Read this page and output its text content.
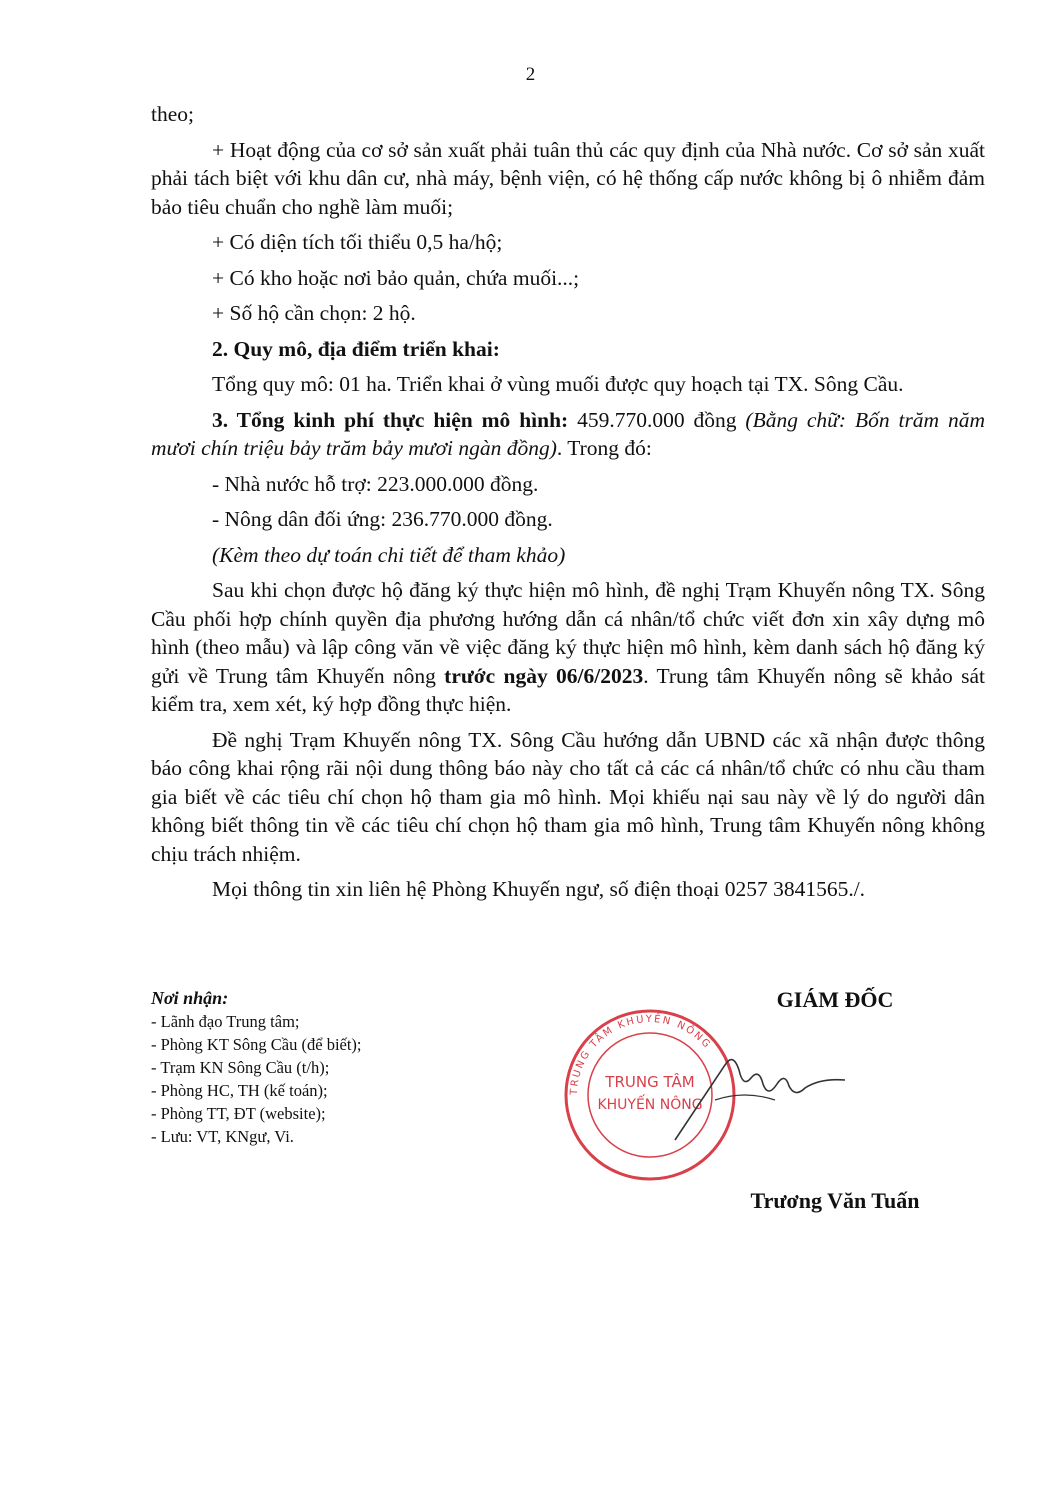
2

theo;

+ Hoạt động của cơ sở sản xuất phải tuân thủ các quy định của Nhà nước. Cơ sở sản xuất phải tách biệt với khu dân cư, nhà máy, bệnh viện, có hệ thống cấp nước không bị ô nhiễm đảm bảo tiêu chuẩn cho nghề làm muối;

+ Có diện tích tối thiểu 0,5 ha/hộ;

+ Có kho hoặc nơi bảo quản, chứa muối...;

+ Số hộ cần chọn: 2 hộ.

2. Quy mô, địa điểm triển khai:

Tổng quy mô: 01 ha. Triển khai ở vùng muối được quy hoạch tại TX. Sông Cầu.

3. Tổng kinh phí thực hiện mô hình: 459.770.000 đồng (Bằng chữ: Bốn trăm năm mươi chín triệu bảy trăm bảy mươi ngàn đồng). Trong đó:

- Nhà nước hỗ trợ: 223.000.000 đồng.

- Nông dân đối ứng: 236.770.000 đồng.

(Kèm theo dự toán chi tiết để tham khảo)

Sau khi chọn được hộ đăng ký thực hiện mô hình, đề nghị Trạm Khuyến nông TX. Sông Cầu phối hợp chính quyền địa phương hướng dẫn cá nhân/tổ chức viết đơn xin xây dựng mô hình (theo mẫu) và lập công văn về việc đăng ký thực hiện mô hình, kèm danh sách hộ đăng ký gửi về Trung tâm Khuyến nông trước ngày 06/6/2023. Trung tâm Khuyến nông sẽ khảo sát kiểm tra, xem xét, ký hợp đồng thực hiện.

Đề nghị Trạm Khuyến nông TX. Sông Cầu hướng dẫn UBND các xã nhận được thông báo công khai rộng rãi nội dung thông báo này cho tất cả các cá nhân/tổ chức có nhu cầu tham gia biết về các tiêu chí chọn hộ tham gia mô hình. Mọi khiếu nại sau này về lý do người dân không biết thông tin về các tiêu chí chọn hộ tham gia mô hình, Trung tâm Khuyến nông không chịu trách nhiệm.

Mọi thông tin xin liên hệ Phòng Khuyến ngư, số điện thoại 0257 3841565./.

Nơi nhận:
- Lãnh đạo Trung tâm;
- Phòng KT Sông Cầu (để biết);
- Trạm KN Sông Cầu (t/h);
- Phòng HC, TH (kế toán);
- Phòng TT, ĐT (website);
- Lưu: VT, KNgư, Vi.
TRUNG TÂM KHUYẾN NÔNG
TRUNG TÂM
KHUYẾN NÔNG
GIÁM ĐỐC
Trương Văn Tuấn
